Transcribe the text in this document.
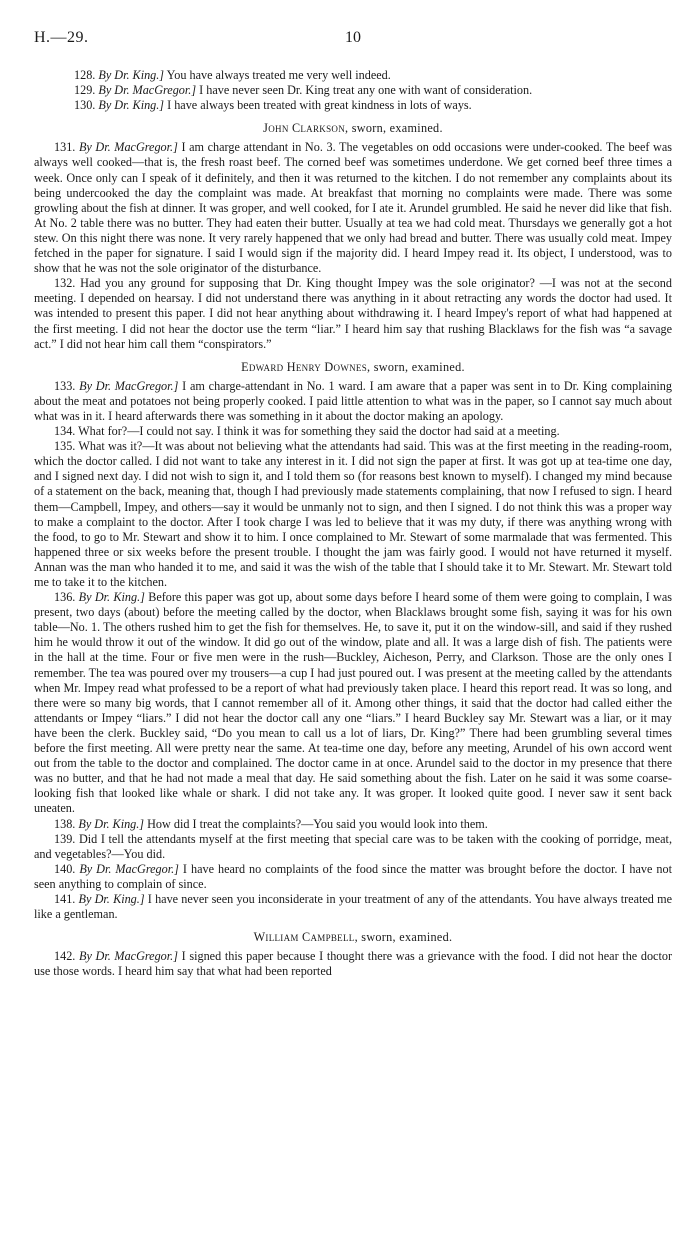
H.—29.	10

128. By Dr. King.] You have always treated me very well indeed.

129. By Dr. MacGregor.] I have never seen Dr. King treat any one with want of consideration.

130. By Dr. King.] I have always been treated with great kindness in lots of ways.

John Clarkson, sworn, examined.

131. By Dr. MacGregor.] I am charge attendant in No. 3. The vegetables on odd occasions were under-cooked. The beef was always well cooked—that is, the fresh roast beef. The corned beef was sometimes underdone. We get corned beef three times a week. Once only can I speak of it definitely, and then it was returned to the kitchen. I do not remember any complaints about its being undercooked the day the complaint was made. At breakfast that morning no complaints were made. There was some growling about the fish at dinner. It was groper, and well cooked, for I ate it. Arundel grumbled. He said he never did like that fish. At No. 2 table there was no butter. They had eaten their butter. Usually at tea we had cold meat. Thursdays we generally got a hot stew. On this night there was none. It very rarely happened that we only had bread and butter. There was usually cold meat. Impey fetched in the paper for signature. I said I would sign if the majority did. I heard Impey read it. Its object, I understood, was to show that he was not the sole originator of the disturbance.

132. Had you any ground for supposing that Dr. King thought Impey was the sole originator? —I was not at the second meeting. I depended on hearsay. I did not understand there was anything in it about retracting any words the doctor had used. It was intended to present this paper. I did not hear anything about withdrawing it. I heard Impey's report of what had happened at the first meeting. I did not hear the doctor use the term “liar.” I heard him say that rushing Blacklaws for the fish was “a savage act.” I did not hear him call them “conspirators.”

Edward Henry Downes, sworn, examined.

133. By Dr. MacGregor.] I am charge-attendant in No. 1 ward. I am aware that a paper was sent in to Dr. King complaining about the meat and potatoes not being properly cooked. I paid little attention to what was in the paper, so I cannot say much about what was in it. I heard afterwards there was something in it about the doctor making an apology.

134. What for?—I could not say. I think it was for something they said the doctor had said at a meeting.

135. What was it?—It was about not believing what the attendants had said. This was at the first meeting in the reading-room, which the doctor called. I did not want to take any interest in it. I did not sign the paper at first. It was got up at tea-time one day, and I signed next day. I did not wish to sign it, and I told them so (for reasons best known to myself). I changed my mind because of a statement on the back, meaning that, though I had previously made statements complaining, that now I refused to sign. I heard them—Campbell, Impey, and others—say it would be unmanly not to sign, and then I signed. I do not think this was a proper way to make a complaint to the doctor. After I took charge I was led to believe that it was my duty, if there was anything wrong with the food, to go to Mr. Stewart and show it to him. I once complained to Mr. Stewart of some marmalade that was fermented. This happened three or six weeks before the present trouble. I thought the jam was fairly good. I would not have returned it myself. Annan was the man who handed it to me, and said it was the wish of the table that I should take it to Mr. Stewart. Mr. Stewart told me to take it to the kitchen.

136. By Dr. King.] Before this paper was got up, about some days before I heard some of them were going to complain, I was present, two days (about) before the meeting called by the doctor, when Blacklaws brought some fish, saying it was for his own table—No. 1. The others rushed him to get the fish for themselves. He, to save it, put it on the window-sill, and said if they rushed him he would throw it out of the window. It did go out of the window, plate and all. It was a large dish of fish. The patients were in the hall at the time. Four or five men were in the rush—Buckley, Aicheson, Perry, and Clarkson. Those are the only ones I remember. The tea was poured over my trousers—a cup I had just poured out. I was present at the meeting called by the attendants when Mr. Impey read what professed to be a report of what had previously taken place. I heard this report read. It was so long, and there were so many big words, that I cannot remember all of it. Among other things, it said that the doctor had called either the attendants or Impey “liars.” I did not hear the doctor call any one “liars.” I heard Buckley say Mr. Stewart was a liar, or it may have been the clerk. Buckley said, “Do you mean to call us a lot of liars, Dr. King?” There had been grumbling several times before the first meeting. All were pretty near the same. At tea-time one day, before any meeting, Arundel of his own accord went out from the table to the doctor and complained. The doctor came in at once. Arundel said to the doctor in my presence that there was no butter, and that he had not made a meal that day. He said something about the fish. Later on he said it was some coarse-looking fish that looked like whale or shark. I did not take any. It was groper. It looked quite good. I never saw it sent back uneaten.

138. By Dr. King.] How did I treat the complaints?—You said you would look into them.

139. Did I tell the attendants myself at the first meeting that special care was to be taken with the cooking of porridge, meat, and vegetables?—You did.

140. By Dr. MacGregor.] I have heard no complaints of the food since the matter was brought before the doctor. I have not seen anything to complain of since.

141. By Dr. King.] I have never seen you inconsiderate in your treatment of any of the attendants. You have always treated me like a gentleman.

William Campbell, sworn, examined.

142. By Dr. MacGregor.] I signed this paper because I thought there was a grievance with the food. I did not hear the doctor use those words. I heard him say that what had been reported
